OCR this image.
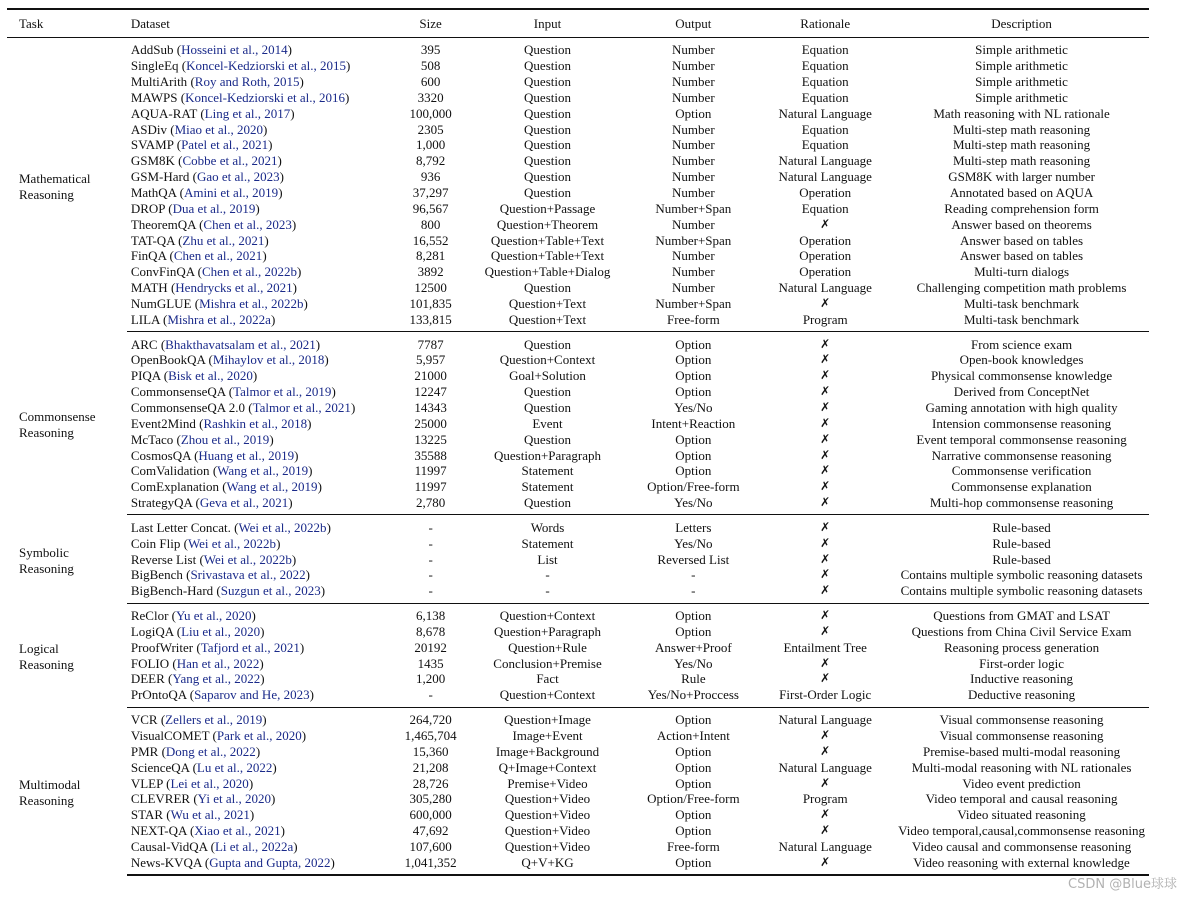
Task	Dataset	Size	Input	Output	Rationale	Description
Mathematical
Reasoning	AddSub (Hosseini et al., 2014)	395	Question	Number	Equation	Simple arithmetic
	SingleEq (Koncel-Kedziorski et al., 2015)	508	Question	Number	Equation	Simple arithmetic
	MultiArith (Roy and Roth, 2015)	600	Question	Number	Equation	Simple arithmetic
	MAWPS (Koncel-Kedziorski et al., 2016)	3320	Question	Number	Equation	Simple arithmetic
	AQUA-RAT (Ling et al., 2017)	100,000	Question	Option	Natural Language	Math reasoning with NL rationale
	ASDiv (Miao et al., 2020)	2305	Question	Number	Equation	Multi-step math reasoning
	SVAMP (Patel et al., 2021)	1,000	Question	Number	Equation	Multi-step math reasoning
	GSM8K (Cobbe et al., 2021)	8,792	Question	Number	Natural Language	Multi-step math reasoning
	GSM-Hard (Gao et al., 2023)	936	Question	Number	Natural Language	GSM8K with larger number
	MathQA (Amini et al., 2019)	37,297	Question	Number	Operation	Annotated based on AQUA
	DROP (Dua et al., 2019)	96,567	Question+Passage	Number+Span	Equation	Reading comprehension form
	TheoremQA (Chen et al., 2023)	800	Question+Theorem	Number	✗	Answer based on theorems
	TAT-QA (Zhu et al., 2021)	16,552	Question+Table+Text	Number+Span	Operation	Answer based on tables
	FinQA (Chen et al., 2021)	8,281	Question+Table+Text	Number	Operation	Answer based on tables
	ConvFinQA (Chen et al., 2022b)	3892	Question+Table+Dialog	Number	Operation	Multi-turn dialogs
	MATH (Hendrycks et al., 2021)	12500	Question	Number	Natural Language	Challenging competition math problems
	NumGLUE (Mishra et al., 2022b)	101,835	Question+Text	Number+Span	✗	Multi-task benchmark
	LILA (Mishra et al., 2022a)	133,815	Question+Text	Free-form	Program	Multi-task benchmark
Commonsense
Reasoning	ARC (Bhakthavatsalam et al., 2021)	7787	Question	Option	✗	From science exam
	OpenBookQA (Mihaylov et al., 2018)	5,957	Question+Context	Option	✗	Open-book knowledges
	PIQA (Bisk et al., 2020)	21000	Goal+Solution	Option	✗	Physical commonsense knowledge
	CommonsenseQA (Talmor et al., 2019)	12247	Question	Option	✗	Derived from ConceptNet
	CommonsenseQA 2.0 (Talmor et al., 2021)	14343	Question	Yes/No	✗	Gaming annotation with high quality
	Event2Mind (Rashkin et al., 2018)	25000	Event	Intent+Reaction	✗	Intension commonsense reasoning
	McTaco (Zhou et al., 2019)	13225	Question	Option	✗	Event temporal commonsense reasoning
	CosmosQA (Huang et al., 2019)	35588	Question+Paragraph	Option	✗	Narrative commonsense reasoning
	ComValidation (Wang et al., 2019)	11997	Statement	Option	✗	Commonsense verification
	ComExplanation (Wang et al., 2019)	11997	Statement	Option/Free-form	✗	Commonsense explanation
	StrategyQA (Geva et al., 2021)	2,780	Question	Yes/No	✗	Multi-hop commonsense reasoning
Symbolic
Reasoning	Last Letter Concat. (Wei et al., 2022b)	-	Words	Letters	✗	Rule-based
	Coin Flip (Wei et al., 2022b)	-	Statement	Yes/No	✗	Rule-based
	Reverse List (Wei et al., 2022b)	-	List	Reversed List	✗	Rule-based
	BigBench (Srivastava et al., 2022)	-	-	-	✗	Contains multiple symbolic reasoning datasets
	BigBench-Hard (Suzgun et al., 2023)	-	-	-	✗	Contains multiple symbolic reasoning datasets
Logical
Reasoning	ReClor (Yu et al., 2020)	6,138	Question+Context	Option	✗	Questions from GMAT and LSAT
	LogiQA (Liu et al., 2020)	8,678	Question+Paragraph	Option	✗	Questions from China Civil Service Exam
	ProofWriter (Tafjord et al., 2021)	20192	Question+Rule	Answer+Proof	Entailment Tree	Reasoning process generation
	FOLIO (Han et al., 2022)	1435	Conclusion+Premise	Yes/No	✗	First-order logic
	DEER (Yang et al., 2022)	1,200	Fact	Rule	✗	Inductive reasoning
	PrOntoQA (Saparov and He, 2023)	-	Question+Context	Yes/No+Proccess	First-Order Logic	Deductive reasoning
Multimodal
Reasoning	VCR (Zellers et al., 2019)	264,720	Question+Image	Option	Natural Language	Visual commonsense reasoning
	VisualCOMET (Park et al., 2020)	1,465,704	Image+Event	Action+Intent	✗	Visual commonsense reasoning
	PMR (Dong et al., 2022)	15,360	Image+Background	Option	✗	Premise-based multi-modal reasoning
	ScienceQA (Lu et al., 2022)	21,208	Q+Image+Context	Option	Natural Language	Multi-modal reasoning with NL rationales
	VLEP (Lei et al., 2020)	28,726	Premise+Video	Option	✗	Video event prediction
	CLEVRER (Yi et al., 2020)	305,280	Question+Video	Option/Free-form	Program	Video temporal and causal reasoning
	STAR (Wu et al., 2021)	600,000	Question+Video	Option	✗	Video situated reasoning
	NEXT-QA (Xiao et al., 2021)	47,692	Question+Video	Option	✗	Video temporal,causal,commonsense reasoning
	Causal-VidQA (Li et al., 2022a)	107,600	Question+Video	Free-form	Natural Language	Video causal and commonsense reasoning
	News-KVQA (Gupta and Gupta, 2022)	1,041,352	Q+V+KG	Option	✗	Video reasoning with external knowledge
CSDN @Blue球球
